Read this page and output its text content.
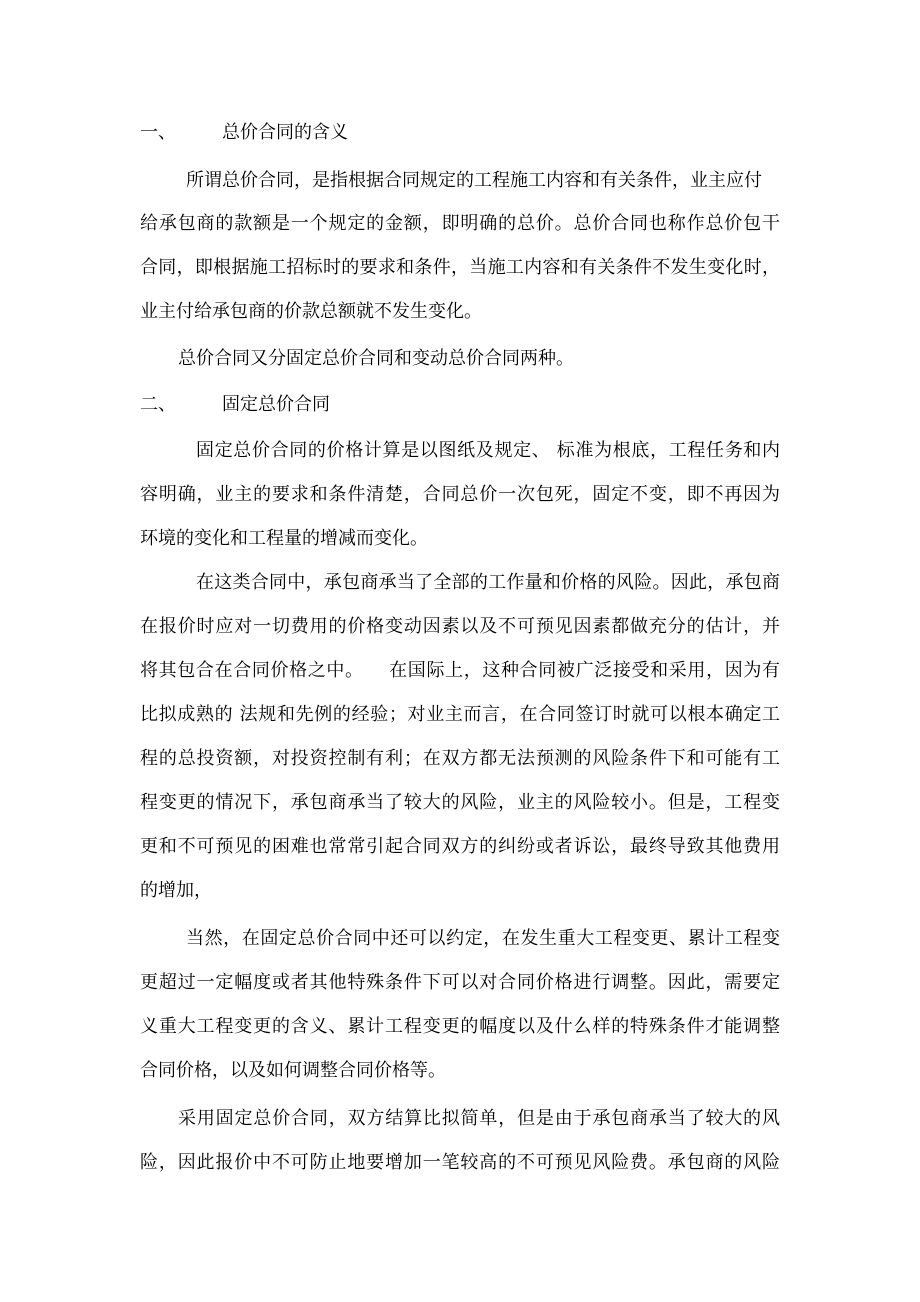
一、	总价合同的含义
所谓总价合同，是指根据合同规定的工程施工内容和有关条件，业主应付
给承包商的款额是一个规定的金额，即明确的总价。总价合同也称作总价包干
合同，即根据施工招标时的要求和条件，当施工内容和有关条件不发生变化时，
业主付给承包商的价款总额就不发生变化。
总价合同又分固定总价合同和变动总价合同两种。
二、	固定总价合同
固定总价合同的价格计算是以图纸及规定、 标准为根底，工程任务和内
容明确，业主的要求和条件清楚，合同总价一次包死，固定不变，即不再因为
环境的变化和工程量的增减而变化。
在这类合同中，承包商承当了全部的工作量和价格的风险。因此，承包商
在报价时应对一切费用的价格变动因素以及不可预见因素都做充分的估计，并
将其包合在合同价格之中。    在国际上，这种合同被广泛接受和采用，因为有
比拟成熟的 法规和先例的经验；对业主而言，在合同签订时就可以根本确定工
程的总投资额，对投资控制有利；在双方都无法预测的风险条件下和可能有工
程变更的情况下，承包商承当了较大的风险，业主的风险较小。但是，工程变
更和不可预见的困难也常常引起合同双方的纠纷或者诉讼，最终导致其他费用
的增加，
当然，在固定总价合同中还可以约定，在发生重大工程变更、累计工程变
更超过一定幅度或者其他特殊条件下可以对合同价格进行调整。因此，需要定
义重大工程变更的含义、累计工程变更的幅度以及什么样的特殊条件才能调整
合同价格，以及如何调整合同价格等。
采用固定总价合同，双方结算比拟简单，但是由于承包商承当了较大的风
险，因此报价中不可防止地要增加一笔较高的不可预见风险费。承包商的风险
